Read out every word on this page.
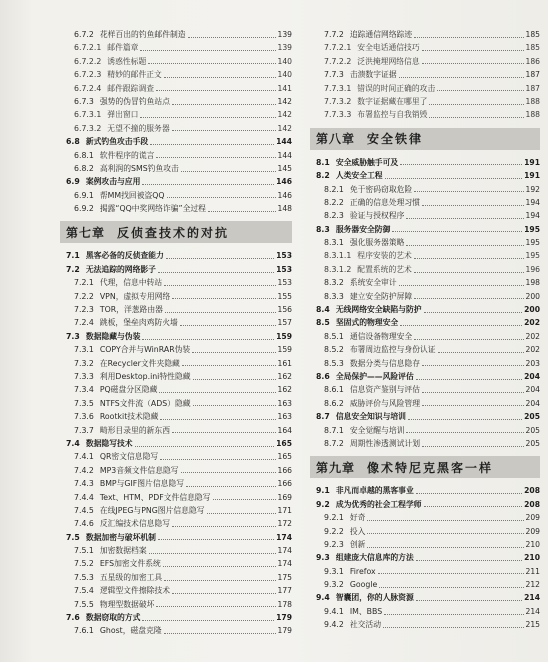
6.7.2 花样百出的钓鱼邮件制造	139
6.7.2.1 邮件篇章	139
6.7.2.2 诱惑性标题	140
6.7.2.3 精妙的邮件正文	140
6.7.2.4 邮件跟踪调查	141
6.7.3 强势的伪冒钓鱼站点	142
6.7.3.1 弹出窗口	142
6.7.3.2 无望不撞的服务器	142
6.8 新式钓鱼攻击手段	144
6.8.1 软件程序的谎言	144
6.8.2 高利润的SMS钓鱼攻击	145
6.9 案例攻击与应用	146
6.9.1 帮MM找回被盗QQ	146
6.9.2 揭露“QQ中奖网络诈骗”全过程	148
第七章 反侦查技术的对抗
7.1 黑客必备的反侦查能力	153
7.2 无法追踪的网络影子	153
7.2.1 代理，信息中转站	153
7.2.2 VPN，虚拟专用网络	155
7.2.3 TOR，洋葱路由器	156
7.2.4 跳板，堡垒肉鸡防火墙	157
7.3 数据隐藏与伪装	159
7.3.1 COPY合并与WinRAR伪装	159
7.3.2 在Recycler文件夹隐藏	161
7.3.3 利用Desktop.ini特性隐藏	162
7.3.4 PQ磁盘分区隐藏	162
7.3.5 NTFS文件流（ADS）隐藏	163
7.3.6 Rootkit技术隐藏	163
7.3.7 畸形目录里的新东西	164
7.4 数据隐写技术	165
7.4.1 QR密文信息隐写	165
7.4.2 MP3音频文件信息隐写	166
7.4.3 BMP与GIF图片信息隐写	166
7.4.4 Text、HTM、PDF文件信息隐写	169
7.4.5 在线JPEG与PNG图片信息隐写	171
7.4.6 反汇编技术信息隐写	172
7.5 数据加密与破坏机制	174
7.5.1 加密数据档案	174
7.5.2 EFS加密文件系统	174
7.5.3 五星级的加密工具	175
7.5.4 逻辑型文件擦除技术	177
7.5.5 物理型数据破坏	178
7.6 数据窃取的方式	179
7.6.1 Ghost，磁盘克隆	179
7.7.2 追踪通信网络踪迹	185
7.7.2.1 安全电话通信技巧	185
7.7.2.2 泛洪掩埋网络信息	186
7.7.3 击溃数字证据	187
7.7.3.1 错误的时间正确的攻击	187
7.7.3.2 数字证据藏在哪里了	188
7.7.3.3 布署监控与自我销毁	188
第八章 安全铁律
8.1 安全威胁触手可及	191
8.2 人类安全工程	191
8.2.1 免于密码窃取危险	192
8.2.2 正确的信息处理习惯	194
8.2.3 验证与授权程序	194
8.3 服务器安全防御	195
8.3.1 强化服务器策略	195
8.3.1.1 程序安装的艺术	195
8.3.1.2 配置系统的艺术	196
8.3.2 系统安全审计	198
8.3.3 建立安全防护屏障	200
8.4 无线网络安全缺陷与防护	200
8.5 坚固式的物理安全	202
8.5.1 通信设备物理安全	202
8.5.2 布署周边监控与身份认证	202
8.5.3 数据分类与信息隐存	203
8.6 全局保护——风险评估	204
8.6.1 信息资产鉴别与评估	204
8.6.2 威胁评价与风险管理	204
8.7 信息安全知识与培训	205
8.7.1 安全觉醒与培训	205
8.7.2 周期性渗透测试计划	205
第九章 像术特尼克黑客一样
9.1 非凡而卓越的黑客事业	208
9.2 成为优秀的社会工程学师	208
9.2.1 好奇	209
9.2.2 投入	209
9.2.3 创新	210
9.3 组建庞大信息库的方法	210
9.3.1 Firefox	211
9.3.2 Google	212
9.4 智囊团，你的人脉资源	214
9.4.1 IM、BBS	214
9.4.2 社交活动	215
